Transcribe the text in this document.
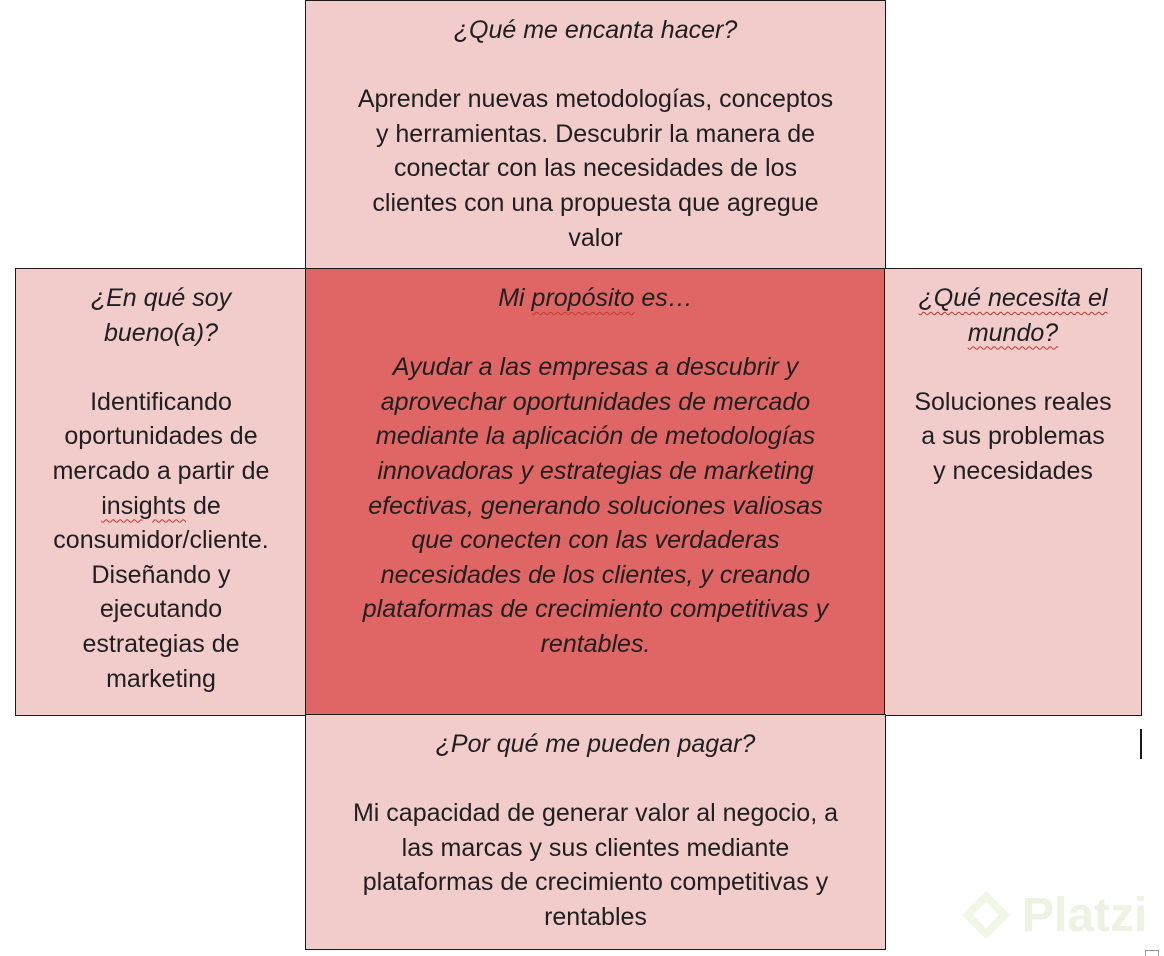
¿Qué me encanta hacer?
Aprender nuevas metodologías, conceptos
y herramientas. Descubrir la manera de
conectar con las necesidades de los
clientes con una propuesta que agregue
valor
¿En qué soy
bueno(a)?
Identificando
oportunidades de
mercado a partir de
insights de
consumidor/cliente.
Diseñando y
ejecutando
estrategias de
marketing
Mi propósito es…
Ayudar a las empresas a descubrir y
aprovechar oportunidades de mercado
mediante la aplicación de metodologías
innovadoras y estrategias de marketing
efectivas, generando soluciones valiosas
que conecten con las verdaderas
necesidades de los clientes, y creando
plataformas de crecimiento competitivas y
rentables.
¿Qué necesita el
mundo?
Soluciones reales
a sus problemas
y necesidades
¿Por qué me pueden pagar?
Mi capacidad de generar valor al negocio, a
las marcas y sus clientes mediante
plataformas de crecimiento competitivas y
rentables	Platzi
